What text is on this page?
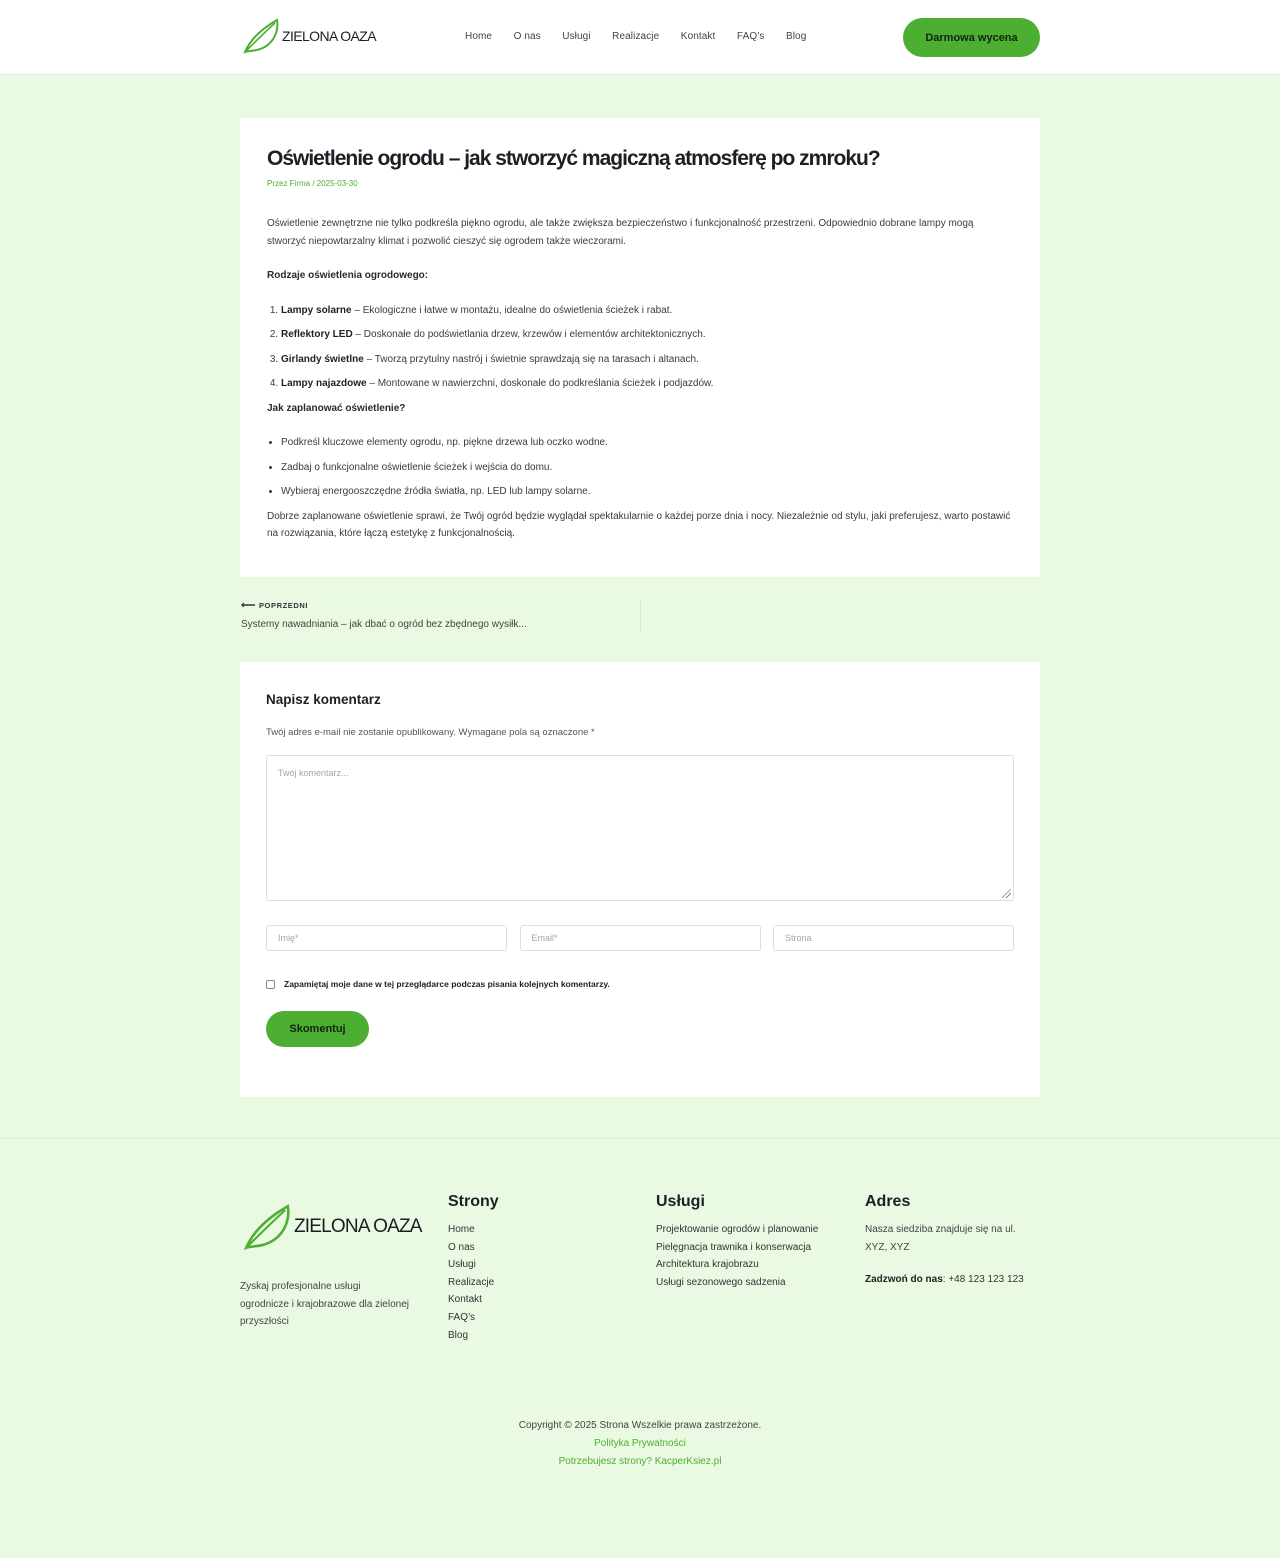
ZIELONA OAZA	Home O nas Usługi Realizacje Kontakt FAQ’s Blog	Darmowa wycena
Oświetlenie ogrodu – jak stworzyć magiczną atmosferę po zmroku?
Przez Firma / 2025-03-30

Oświetlenie zewnętrzne nie tylko podkreśla piękno ogrodu, ale także zwiększa bezpieczeństwo i funkcjonalność przestrzeni. Odpowiednio dobrane lampy mogą stworzyć niepowtarzalny klimat i pozwolić cieszyć się ogrodem także wieczorami.

Rodzaje oświetlenia ogrodowego:

1. Lampy solarne – Ekologiczne i łatwe w montażu, idealne do oświetlenia ścieżek i rabat.
2. Reflektory LED – Doskonałe do podświetlania drzew, krzewów i elementów architektonicznych.
3. Girlandy świetlne – Tworzą przytulny nastrój i świetnie sprawdzają się na tarasach i altanach.
4. Lampy najazdowe – Montowane w nawierzchni, doskonałe do podkreślania ścieżek i podjazdów.

Jak zaplanować oświetlenie?

• Podkreśl kluczowe elementy ogrodu, np. piękne drzewa lub oczko wodne.
• Zadbaj o funkcjonalne oświetlenie ścieżek i wejścia do domu.
• Wybieraj energooszczędne źródła światła, np. LED lub lampy solarne.

Dobrze zaplanowane oświetlenie sprawi, że Twój ogród będzie wyglądał spektakularnie o każdej porze dnia i nocy. Niezależnie od stylu, jaki preferujesz, warto postawić na rozwiązania, które łączą estetykę z funkcjonalnością.

⟵ POPRZEDNI
Systemy nawadniania – jak dbać o ogród bez zbędnego wysiłk...
Napisz komentarz

Twój adres e-mail nie zostanie opublikowany. Wymagane pola są oznaczone *

Twój komentarz...
Imię*	Email*	Strona
Zapamiętaj moje dane w tej przeglądarce podczas pisania kolejnych komentarzy.
Skomentuj
ZIELONA OAZA

Zyskaj profesjonalne usługi ogrodnicze i krajobrazowe dla zielonej przyszłości

Strony
Home
O nas
Usługi
Realizacje
Kontakt
FAQ’s
Blog
Usługi
Projektowanie ogrodów i planowanie
Pielęgnacja trawnika i konserwacja
Architektura krajobrazu
Usługi sezonowego sadzenia
Adres
Nasza siedziba znajduje się na ul. XYZ, XYZ
Zadzwoń do nas: +48 123 123 123
Copyright © 2025 Strona Wszelkie prawa zastrzeżone.
Polityka Prywatności
Potrzebujesz strony? KacperKsiez.pl
